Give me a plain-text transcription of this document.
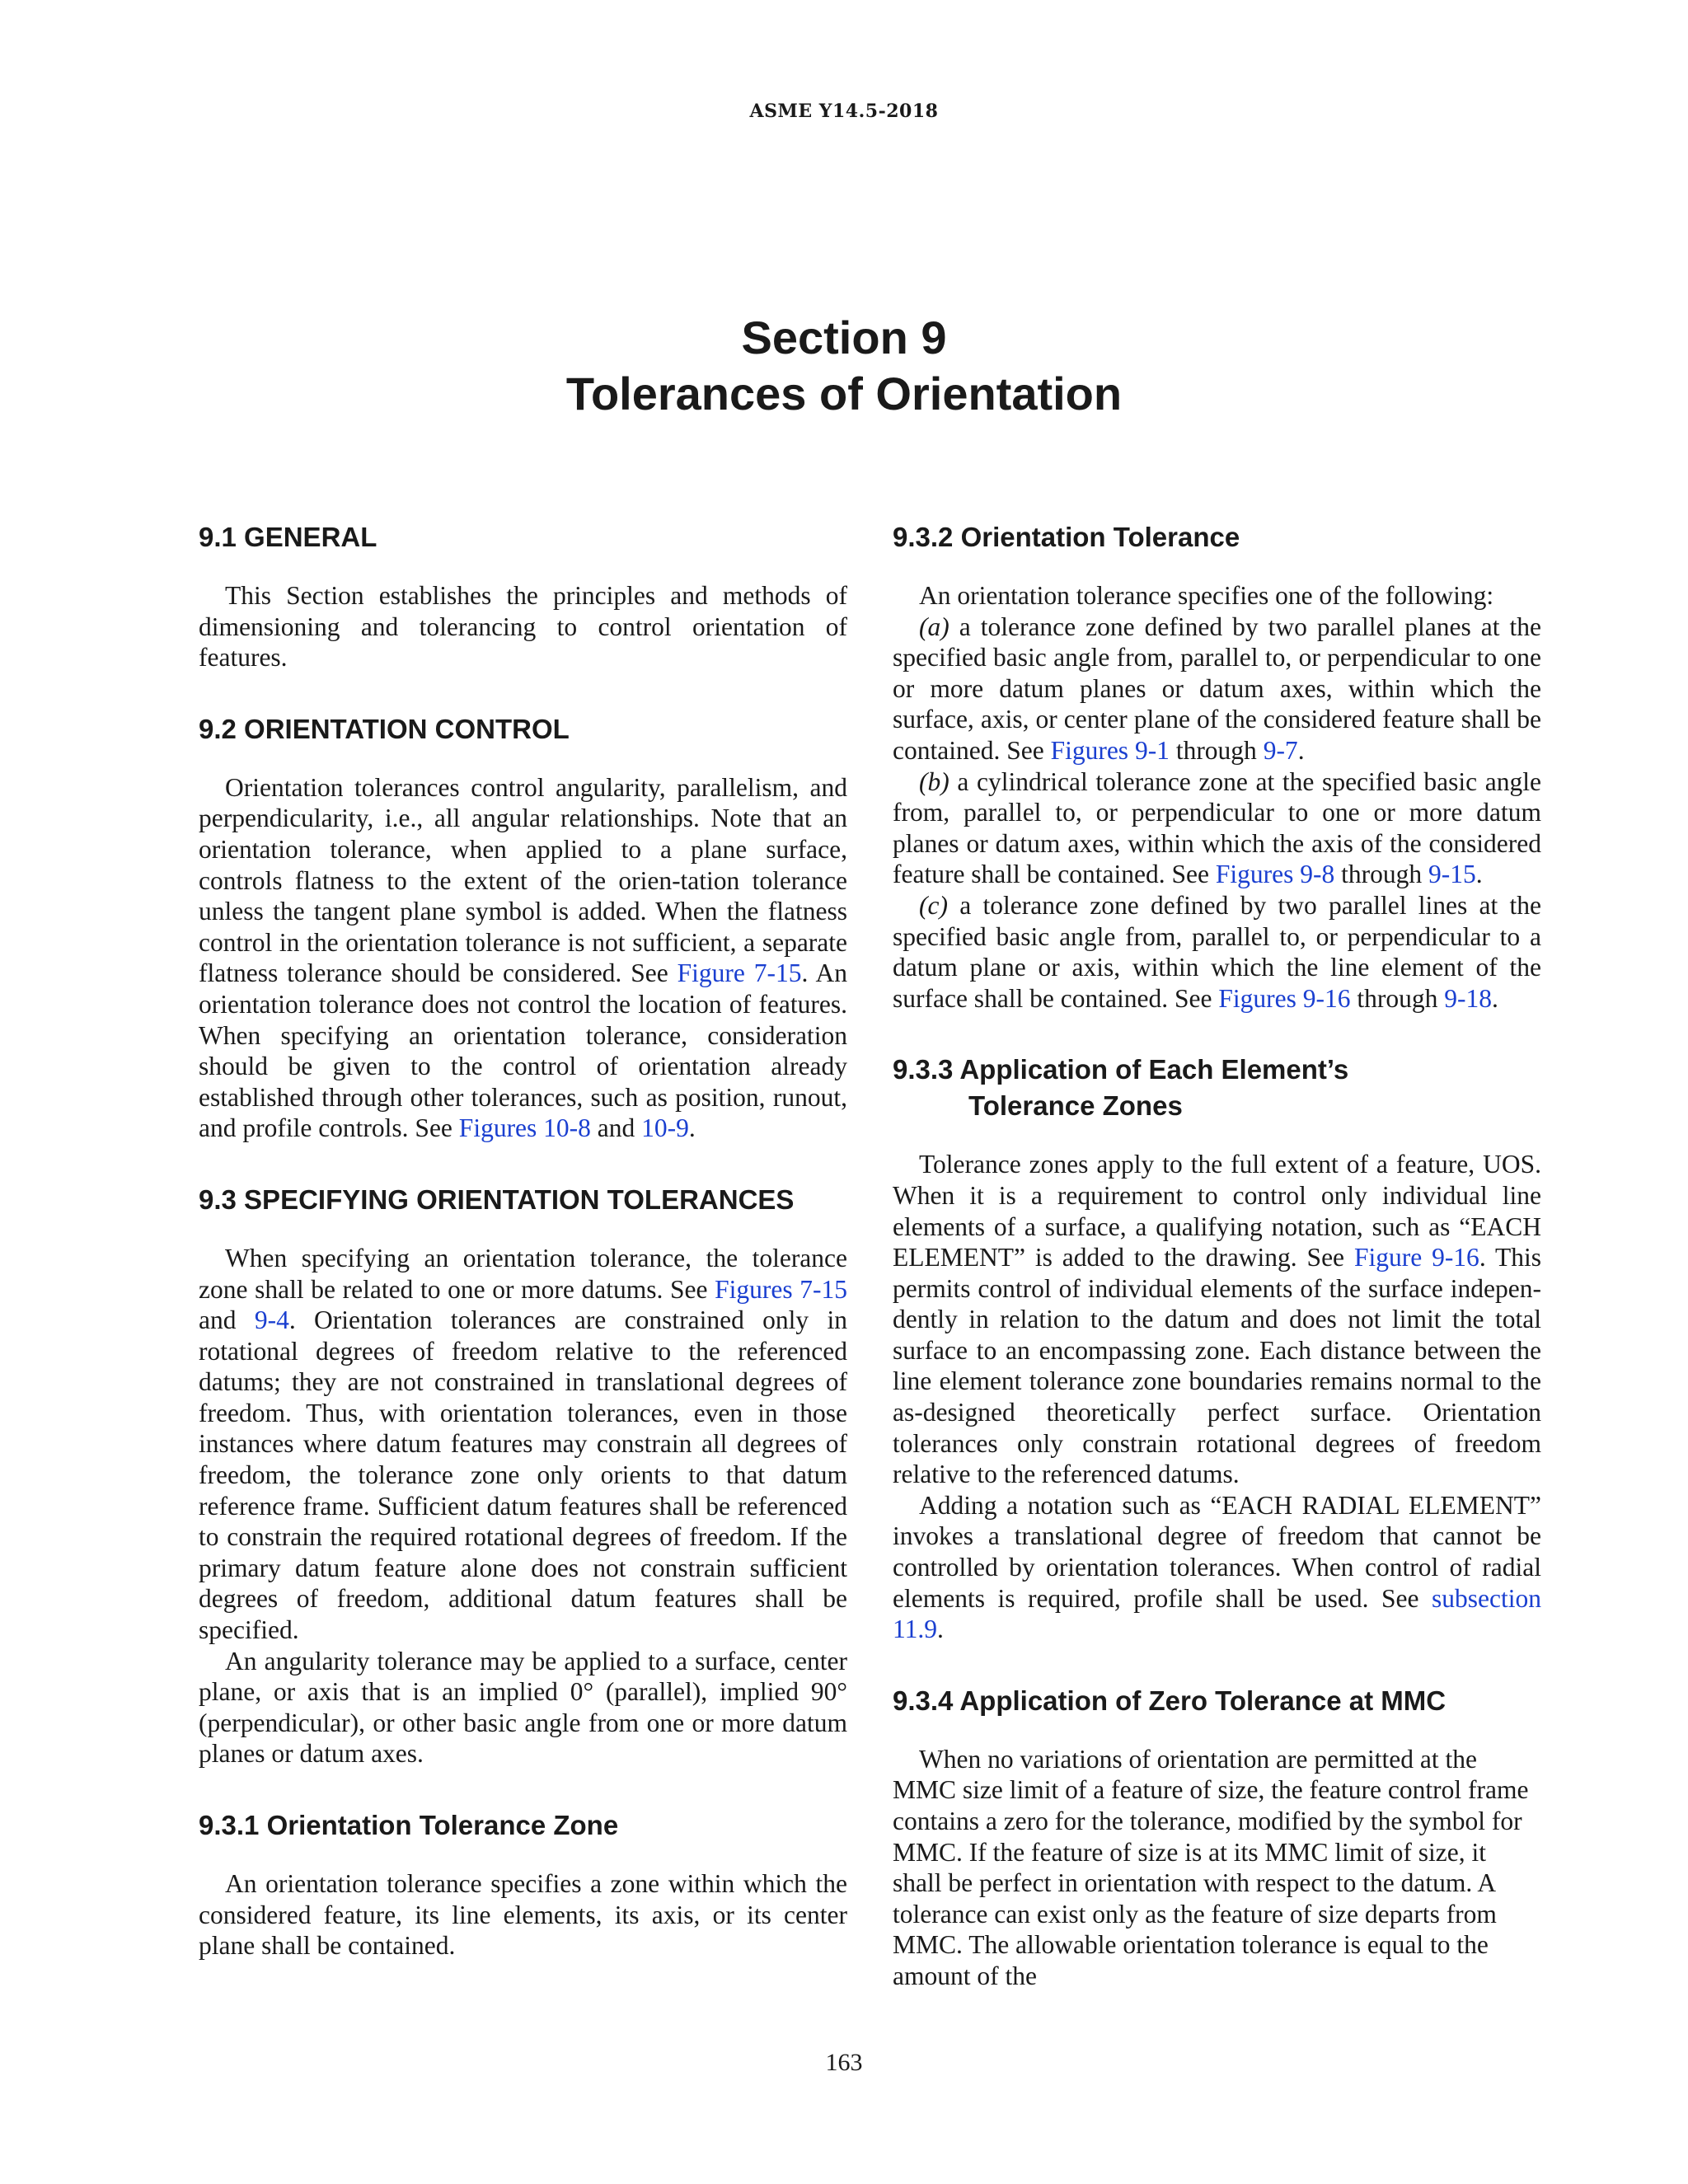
ASME Y14.5-2018
Section 9
Tolerances of Orientation
9.1 GENERAL

This Section establishes the principles and methods of dimensioning and tolerancing to control orientation of features.

9.2 ORIENTATION CONTROL

Orientation tolerances control angularity, parallelism, and perpendicularity, i.e., all angular relationships. Note that an orientation tolerance, when applied to a plane surface, controls flatness to the extent of the orien-tation tolerance unless the tangent plane symbol is added. When the flatness control in the orientation tolerance is not sufficient, a separate flatness tolerance should be considered. See Figure 7-15. An orientation tolerance does not control the location of features. When specifying an orientation tolerance, consideration should be given to the control of orientation already established through other tolerances, such as position, runout, and profile controls. See Figures 10-8 and 10-9.

9.3 SPECIFYING ORIENTATION TOLERANCES

When specifying an orientation tolerance, the tolerance zone shall be related to one or more datums. See Figures 7-15 and 9-4. Orientation tolerances are constrained only in rotational degrees of freedom relative to the referenced datums; they are not constrained in translational degrees of freedom. Thus, with orientation tolerances, even in those instances where datum features may constrain all degrees of freedom, the tolerance zone only orients to that datum reference frame. Sufficient datum features shall be referenced to constrain the required rotational degrees of freedom. If the primary datum feature alone does not constrain sufficient degrees of freedom, additional datum features shall be specified.

An angularity tolerance may be applied to a surface, center plane, or axis that is an implied 0° (parallel), implied 90° (perpendicular), or other basic angle from one or more datum planes or datum axes.

9.3.1 Orientation Tolerance Zone

An orientation tolerance specifies a zone within which the considered feature, its line elements, its axis, or its center plane shall be contained.

9.3.2 Orientation Tolerance

An orientation tolerance specifies one of the following:

(a) a tolerance zone defined by two parallel planes at the specified basic angle from, parallel to, or perpendicular to one or more datum planes or datum axes, within which the surface, axis, or center plane of the considered feature shall be contained. See Figures 9-1 through 9-7.

(b) a cylindrical tolerance zone at the specified basic angle from, parallel to, or perpendicular to one or more datum planes or datum axes, within which the axis of the considered feature shall be contained. See Figures 9-8 through 9-15.

(c) a tolerance zone defined by two parallel lines at the specified basic angle from, parallel to, or perpendicular to a datum plane or axis, within which the line element of the surface shall be contained. See Figures 9-16 through 9-18.

9.3.3 Application of Each Element’s
Tolerance Zones

Tolerance zones apply to the full extent of a feature, UOS. When it is a requirement to control only individual line elements of a surface, a qualifying notation, such as “EACH ELEMENT” is added to the drawing. See Figure 9-16. This permits control of individual elements of the surface indepen-dently in relation to the datum and does not limit the total surface to an encompassing zone. Each distance between the line element tolerance zone boundaries remains normal to the as-designed theoretically perfect surface. Orientation tolerances only constrain rotational degrees of freedom relative to the referenced datums.

Adding a notation such as “EACH RADIAL ELEMENT” invokes a translational degree of freedom that cannot be controlled by orientation tolerances. When control of radial elements is required, profile shall be used. See subsection 11.9.

9.3.4 Application of Zero Tolerance at MMC

When no variations of orientation are permitted at the MMC size limit of a feature of size, the feature control frame contains a zero for the tolerance, modified by the symbol for MMC. If the feature of size is at its MMC limit of size, it shall be perfect in orientation with respect to the datum. A tolerance can exist only as the feature of size departs from MMC. The allowable orientation tolerance is equal to the amount of the

163
